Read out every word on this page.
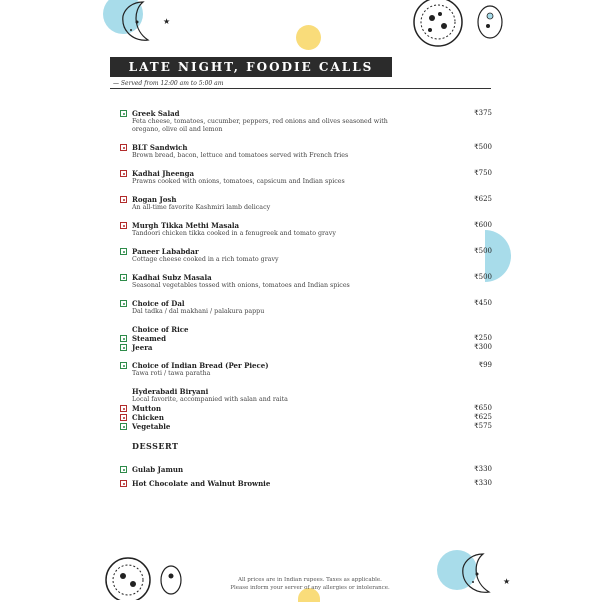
★
★
LATE NIGHT, FOODIE CALLS
— Served from 12:00 am to 5:00 am
Greek Salad	₹375
Feta cheese, tomatoes, cucumber, peppers, red onions and olives seasoned with oregano, olive oil and lemon
BLT Sandwich	₹500
Brown bread, bacon, lettuce and tomatoes served with French fries
Kadhai Jheenga	₹750
Prawns cooked with onions, tomatoes, capsicum and Indian spices
Rogan Josh	₹625
An all-time favorite Kashmiri lamb delicacy
Murgh Tikka Methi Masala	₹600
Tandoori chicken tikka cooked in a fenugreek and tomato gravy
Paneer Lababdar	₹500
Cottage cheese cooked in a rich tomato gravy
Kadhai Subz Masala	₹500
Seasonal vegetables tossed with onions, tomatoes and Indian spices
Choice of Dal	₹450
Dal tadka / dal makhani / palakura pappu
Choice of Rice
Steamed	₹250
Jeera	₹300
Choice of Indian Bread (Per Piece)	₹99
Tawa roti / tawa paratha
Hyderabadi Biryani
Local favorite, accompanied with salan and raita
Mutton	₹650
Chicken	₹625
Vegetable	₹575
DESSERT
Gulab Jamun	₹330
Hot Chocolate and Walnut Brownie	₹330
All prices are in Indian rupees. Taxes as applicable.
Please inform your server of any allergies or intolerance.
